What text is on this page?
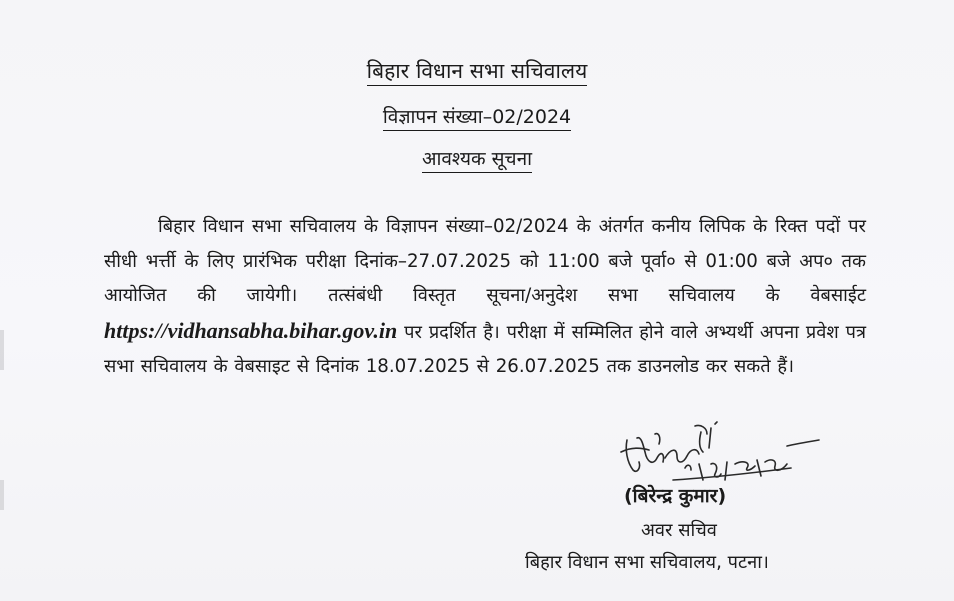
बिहार विधान सभा सचिवालय
विज्ञापन संख्या–02/2024
आवश्यक सूचना
बिहार विधान सभा सचिवालय के विज्ञापन संख्या–02/2024 के अंतर्गत कनीय लिपिक के रिक्त पदों पर सीधी भर्त्ती के लिए प्रारंभिक परीक्षा दिनांक–27.07.2025 को 11:00 बजे पूर्वा० से 01:00 बजे अप० तक आयोजित की जायेगी। तत्संबंधी विस्तृत सूचना/अनुदेश सभा सचिवालय के वेबसाईट https://vidhansabha.bihar.gov.in पर प्रदर्शित है। परीक्षा में सम्मिलित होने वाले अभ्यर्थी अपना प्रवेश पत्र सभा सचिवालय के वेबसाइट से दिनांक 18.07.2025 से 26.07.2025 तक डाउनलोड कर सकते हैं।
(बिरेन्द्र कुमार)
अवर सचिव
बिहार विधान सभा सचिवालय, पटना।
